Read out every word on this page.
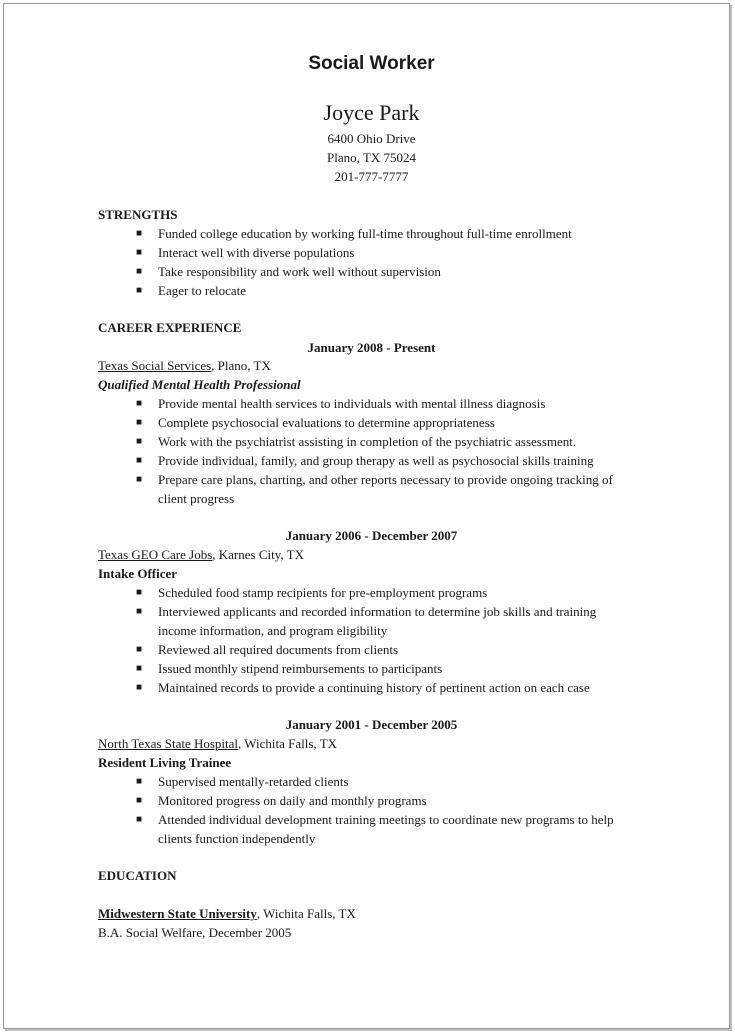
Social Worker
Joyce Park
6400 Ohio Drive
Plano, TX 75024
201-777-7777
STRENGTHS
■ Funded college education by working full-time throughout full-time enrollment
■ Interact well with diverse populations
■ Take responsibility and work well without supervision
■ Eager to relocate
CAREER EXPERIENCE
January 2008 - Present
Texas Social Services, Plano, TX
Qualified Mental Health Professional
■ Provide mental health services to individuals with mental illness diagnosis
■ Complete psychosocial evaluations to determine appropriateness
■ Work with the psychiatrist assisting in completion of the psychiatric assessment.
■ Provide individual, family, and group therapy as well as psychosocial skills training
■ Prepare care plans, charting, and other reports necessary to provide ongoing tracking of
client progress
January 2006 - December 2007
Texas GEO Care Jobs, Karnes City, TX
Intake Officer
■ Scheduled food stamp recipients for pre-employment programs
■ Interviewed applicants and recorded information to determine job skills and training
income information, and program eligibility
■ Reviewed all required documents from clients
■ Issued monthly stipend reimbursements to participants
■ Maintained records to provide a continuing history of pertinent action on each case
January 2001 - December 2005
North Texas State Hospital, Wichita Falls, TX
Resident Living Trainee
■ Supervised mentally-retarded clients
■ Monitored progress on daily and monthly programs
■ Attended individual development training meetings to coordinate new programs to help
clients function independently
EDUCATION
Midwestern State University, Wichita Falls, TX
B.A. Social Welfare, December 2005
